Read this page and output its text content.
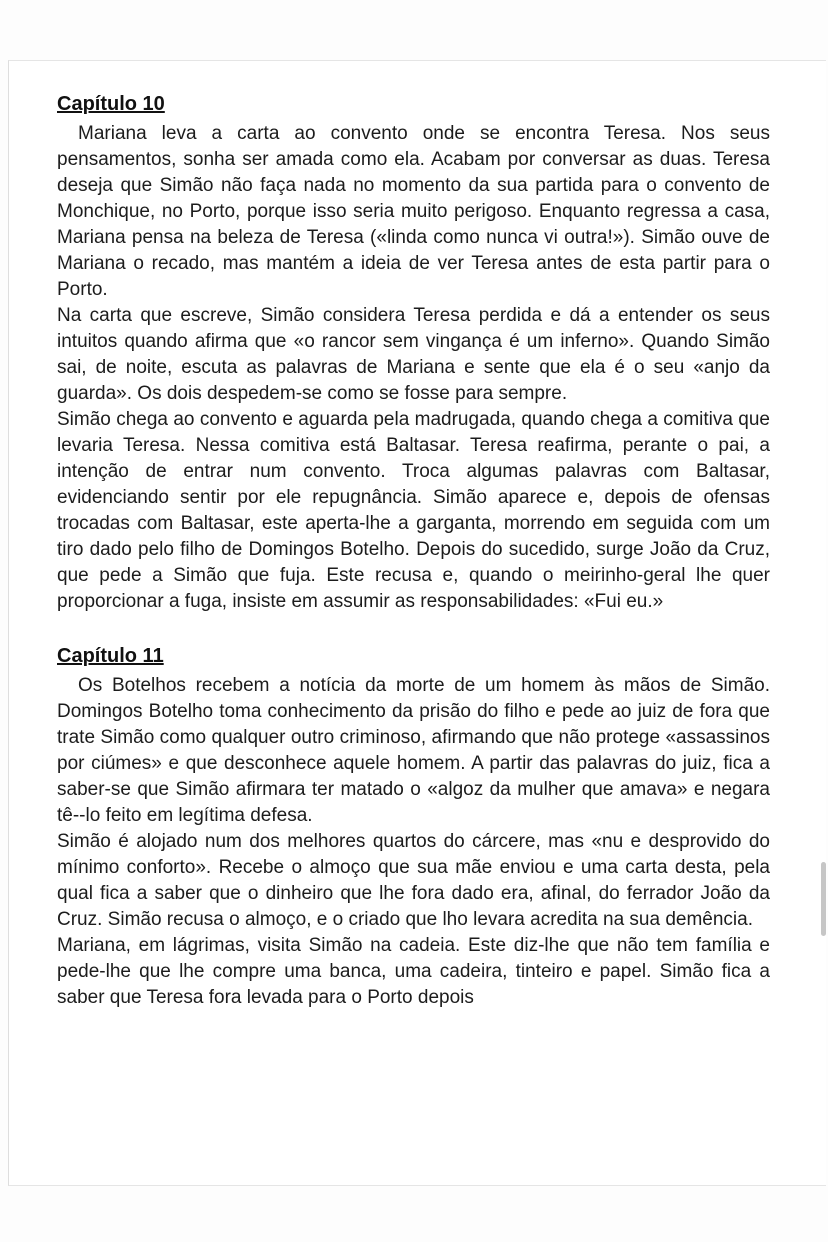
Capítulo 10

Mariana leva a carta ao convento onde se encontra Teresa. Nos seus pensamentos, sonha ser amada como ela. Acabam por conversar as duas. Teresa deseja que Simão não faça nada no momento da sua partida para o convento de Monchique, no Porto, porque isso seria muito perigoso. Enquanto regressa a casa, Mariana pensa na beleza de Teresa («linda como nunca vi outra!»). Simão ouve de Mariana o recado, mas mantém a ideia de ver Teresa antes de esta partir para o Porto.

Na carta que escreve, Simão considera Teresa perdida e dá a entender os seus intuitos quando afirma que «o rancor sem vingança é um inferno». Quando Simão sai, de noite, escuta as palavras de Mariana e sente que ela é o seu «anjo da guarda». Os dois despedem-se como se fosse para sempre.

Simão chega ao convento e aguarda pela madrugada, quando chega a comitiva que levaria Teresa. Nessa comitiva está Baltasar. Teresa reafirma, perante o pai, a intenção de entrar num convento. Troca algumas palavras com Baltasar, evidenciando sentir por ele repugnância. Simão aparece e, depois de ofensas trocadas com Baltasar, este aperta-lhe a garganta, morrendo em seguida com um tiro dado pelo filho de Domingos Botelho. Depois do sucedido, surge João da Cruz, que pede a Simão que fuja. Este recusa e, quando o meirinho-geral lhe quer proporcionar a fuga, insiste em assumir as responsabilidades: «Fui eu.»

Capítulo 11

Os Botelhos recebem a notícia da morte de um homem às mãos de Simão. Domingos Botelho toma conhecimento da prisão do filho e pede ao juiz de fora que trate Simão como qualquer outro criminoso, afirmando que não protege «assassinos por ciúmes» e que desconhece aquele homem. A partir das palavras do juiz, fica a saber-se que Simão afirmara ter matado o «algoz da mulher que amava» e negara tê--lo feito em legítima defesa.

Simão é alojado num dos melhores quartos do cárcere, mas «nu e desprovido do mínimo conforto». Recebe o almoço que sua mãe enviou e uma carta desta, pela qual fica a saber que o dinheiro que lhe fora dado era, afinal, do ferrador João da Cruz. Simão recusa o almoço, e o criado que lho levara acredita na sua demência.

Mariana, em lágrimas, visita Simão na cadeia. Este diz-lhe que não tem família e pede-lhe que lhe compre uma banca, uma cadeira, tinteiro e papel. Simão fica a saber que Teresa fora levada para o Porto depois
